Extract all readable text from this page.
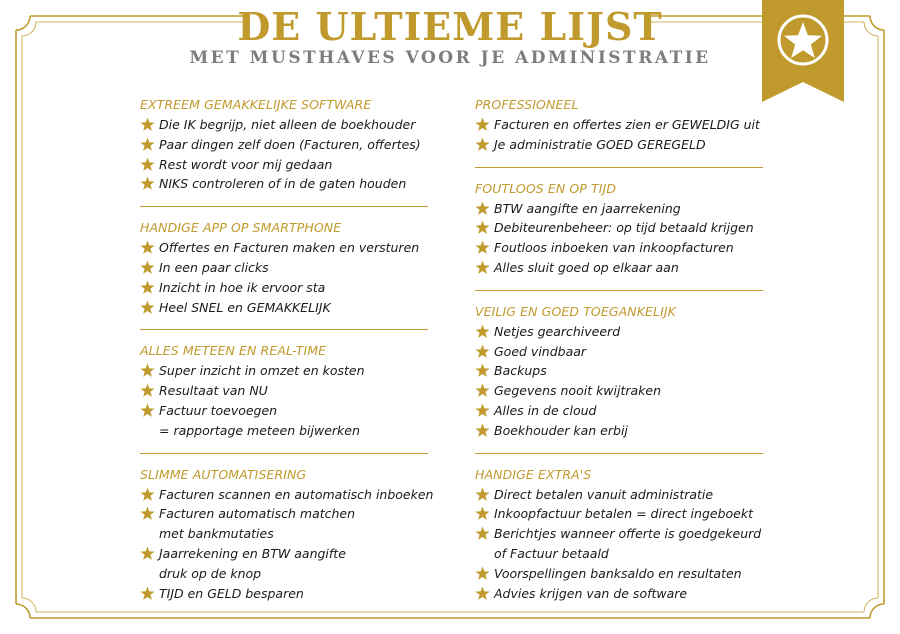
DE ULTIEME LIJST
MET MUSTHAVES VOOR JE ADMINISTRATIE
EXTREEM GEMAKKELIJKE SOFTWARE
Die IK begrijp, niet alleen de boekhouder
Paar dingen zelf doen (Facturen, offertes)
Rest wordt voor mij gedaan
NIKS controleren of in de gaten houden
HANDIGE APP OP SMARTPHONE
Offertes en Facturen maken en versturen
In een paar clicks
Inzicht in hoe ik ervoor sta
Heel SNEL en GEMAKKELIJK
ALLES METEEN EN REAL-TIME
Super inzicht in omzet en kosten
Resultaat van NU
Factuur toevoegen
= rapportage meteen bijwerken
SLIMME AUTOMATISERING
Facturen scannen en automatisch inboeken
Facturen automatisch matchen
met bankmutaties
Jaarrekening en BTW aangifte
druk op de knop
TIJD en GELD besparen
PROFESSIONEEL
Facturen en offertes zien er GEWELDIG uit
Je administratie GOED GEREGELD
FOUTLOOS EN OP TIJD
BTW aangifte en jaarrekening
Debiteurenbeheer: op tijd betaald krijgen
Foutloos inboeken van inkoopfacturen
Alles sluit goed op elkaar aan
VEILIG EN GOED TOEGANKELIJK
Netjes gearchiveerd
Goed vindbaar
Backups
Gegevens nooit kwijtraken
Alles in de cloud
Boekhouder kan erbij
HANDIGE EXTRA'S
Direct betalen vanuit administratie
Inkoopfactuur betalen = direct ingeboekt
Berichtjes wanneer offerte is goedgekeurd
of Factuur betaald
Voorspellingen banksaldo en resultaten
Advies krijgen van de software
